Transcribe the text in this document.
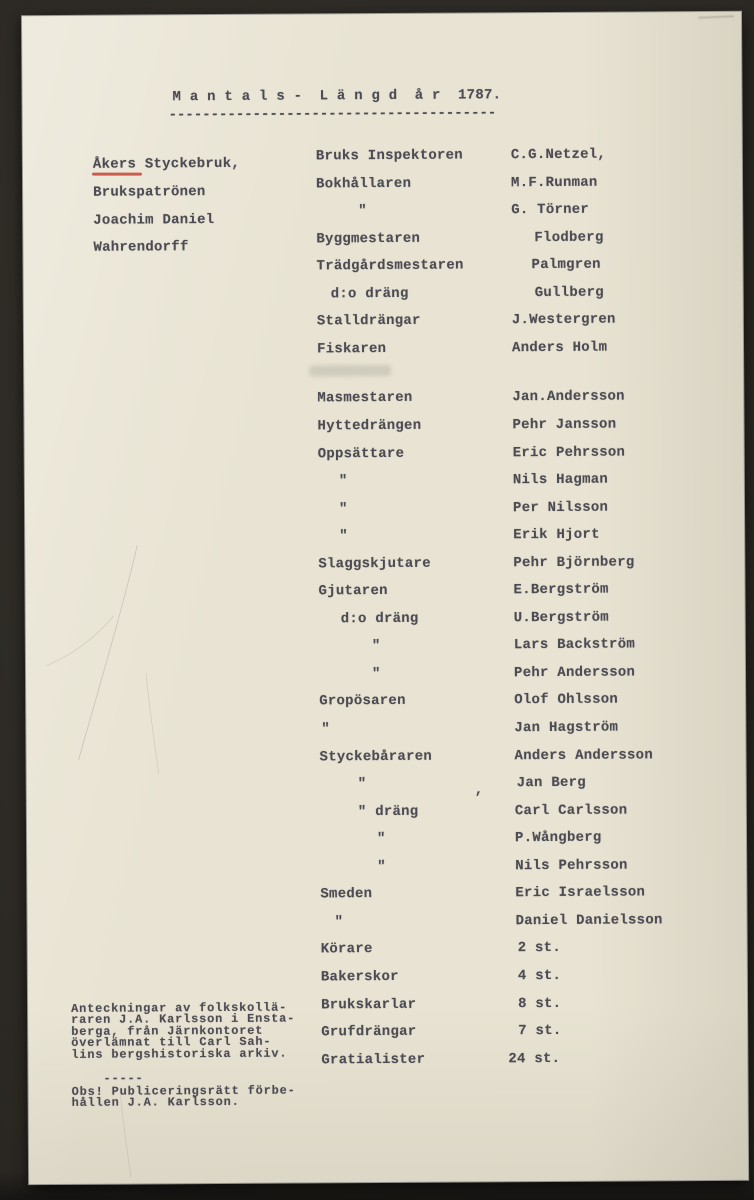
M a n t a l s -  L ä n g d  å r  1787.
---------------------------------------
Åkers Styckebruk,
Brukspatrönen
Joachim Daniel
Wahrendorff
Bruks Inspektoren	C.G.Netzel,
Bokhållaren	M.F.Runman
"	G. Törner
Byggmestaren	Flodberg
Trädgårdsmestaren	Palmgren
d:o dräng	Gullberg
Stalldrängar	J.Westergren
Fiskaren	Anders Holm
Masmestaren	Jan.Andersson
Hyttedrängen	Pehr Jansson
Oppsättare	Eric Pehrsson
"	Nils Hagman
"	Per Nilsson
"	Erik Hjort
Slaggskjutare	Pehr Björnberg
Gjutaren	E.Bergström
d:o dräng	U.Bergström
"	Lars Backström
"	Pehr Andersson
Gropösaren	Olof Ohlsson
"	Jan Hagström
Styckebåraren	Anders Andersson
"	Jan Berg
" dräng	Carl Carlsson
"	P.Wångberg
"	Nils Pehrsson
Smeden	Eric Israelsson
"	Daniel Danielsson
Körare	2 st.
Bakerskor	4 st.
Brukskarlar	8 st.
Grufdrängar	7 st.
Gratialister	24 st.
,
Anteckningar av folkskollä-
raren J.A. Karlsson i Ensta-
berga, från Järnkontoret
överlämnat till Carl Sah-
lins bergshistoriska arkiv.
-----
Obs! Publiceringsrätt förbe-
hållen J.A. Karlsson.
